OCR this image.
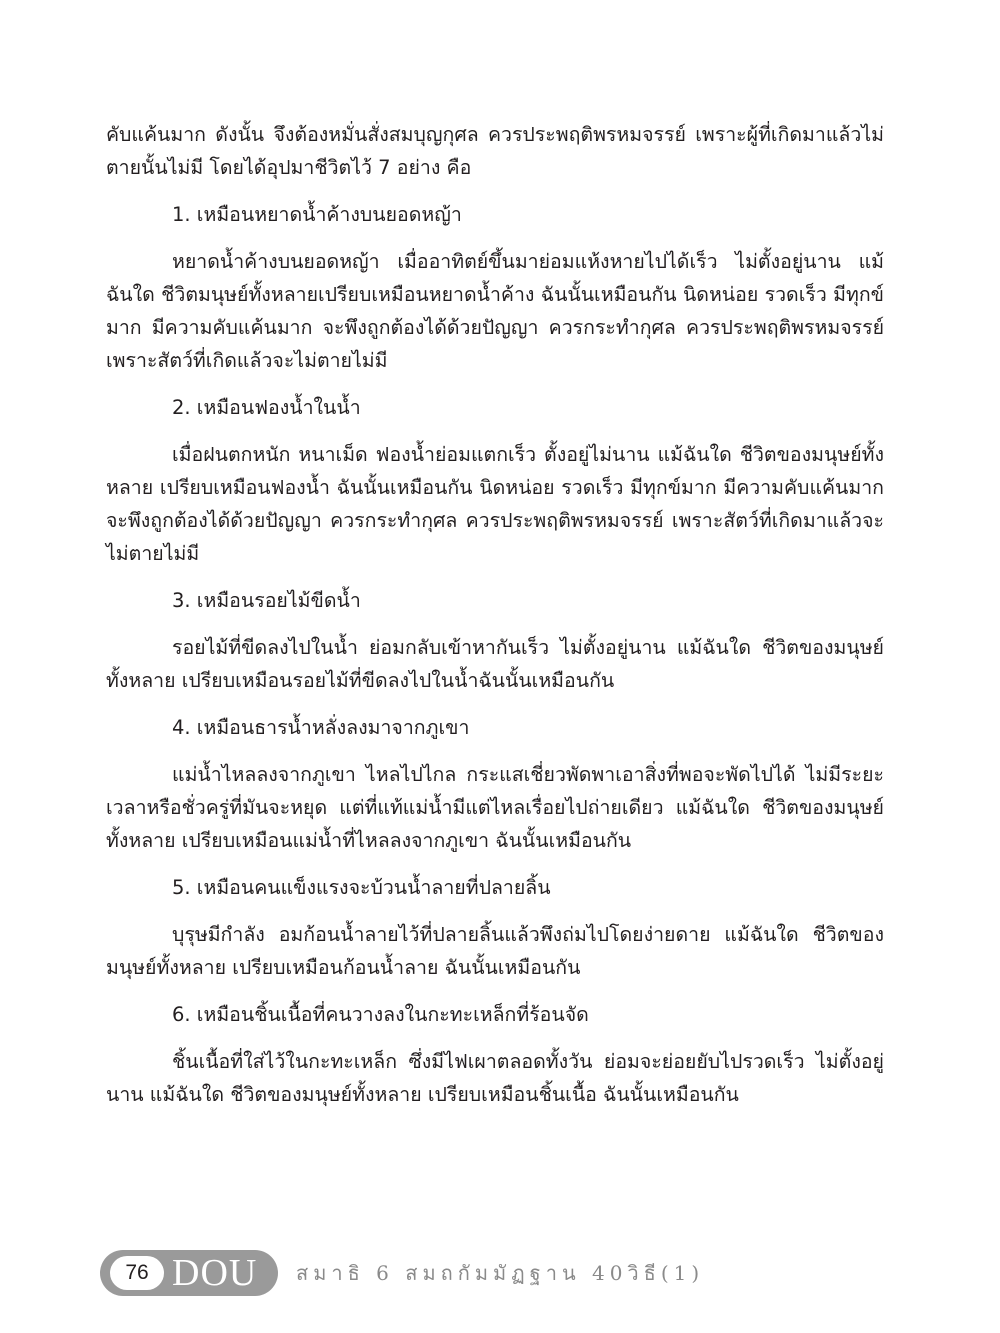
คับแค้นมาก ดังนั้น จึงต้องหมั่นสั่งสมบุญกุศล ควรประพฤติพรหมจรรย์ เพราะผู้ที่เกิดมาแล้วไม่ตายนั้นไม่มี โดยได้อุปมาชีวิตไว้ 7 อย่าง คือ

1. เหมือนหยาดน้ำค้างบนยอดหญ้า

หยาดน้ำค้างบนยอดหญ้า เมื่ออาทิตย์ขึ้นมาย่อมแห้งหายไปได้เร็ว ไม่ตั้งอยู่นาน แม้ฉันใด ชีวิตมนุษย์ทั้งหลายเปรียบเหมือนหยาดน้ำค้าง ฉันนั้นเหมือนกัน นิดหน่อย รวดเร็ว มีทุกข์มาก มีความคับแค้นมาก จะพึงถูกต้องได้ด้วยปัญญา ควรกระทำกุศล ควรประพฤติพรหมจรรย์ เพราะสัตว์ที่เกิดแล้วจะไม่ตายไม่มี

2. เหมือนฟองน้ำในน้ำ

เมื่อฝนตกหนัก หนาเม็ด ฟองน้ำย่อมแตกเร็ว ตั้งอยู่ไม่นาน แม้ฉันใด ชีวิตของมนุษย์ทั้งหลาย เปรียบเหมือนฟองน้ำ ฉันนั้นเหมือนกัน นิดหน่อย รวดเร็ว มีทุกข์มาก มีความคับแค้นมาก จะพึงถูกต้องได้ด้วยปัญญา ควรกระทำกุศล ควรประพฤติพรหมจรรย์ เพราะสัตว์ที่เกิดมาแล้วจะไม่ตายไม่มี

3. เหมือนรอยไม้ขีดน้ำ

รอยไม้ที่ขีดลงไปในน้ำ ย่อมกลับเข้าหากันเร็ว ไม่ตั้งอยู่นาน แม้ฉันใด ชีวิตของมนุษย์ทั้งหลาย เปรียบเหมือนรอยไม้ที่ขีดลงไปในน้ำฉันนั้นเหมือนกัน

4. เหมือนธารน้ำหลั่งลงมาจากภูเขา

แม่น้ำไหลลงจากภูเขา ไหลไปไกล กระแสเชี่ยวพัดพาเอาสิ่งที่พอจะพัดไปได้ ไม่มีระยะเวลาหรือชั่วครู่ที่มันจะหยุด แต่ที่แท้แม่น้ำมีแต่ไหลเรื่อยไปถ่ายเดียว แม้ฉันใด ชีวิตของมนุษย์ทั้งหลาย เปรียบเหมือนแม่น้ำที่ไหลลงจากภูเขา ฉันนั้นเหมือนกัน

5. เหมือนคนแข็งแรงจะบ้วนน้ำลายที่ปลายลิ้น

บุรุษมีกำลัง อมก้อนน้ำลายไว้ที่ปลายลิ้นแล้วพึงถ่มไปโดยง่ายดาย แม้ฉันใด ชีวิตของมนุษย์ทั้งหลาย เปรียบเหมือนก้อนน้ำลาย ฉันนั้นเหมือนกัน

6. เหมือนชิ้นเนื้อที่คนวางลงในกะทะเหล็กที่ร้อนจัด

ชิ้นเนื้อที่ใส่ไว้ในกะทะเหล็ก ซึ่งมีไฟเผาตลอดทั้งวัน ย่อมจะย่อยยับไปรวดเร็ว ไม่ตั้งอยู่นาน แม้ฉันใด ชีวิตของมนุษย์ทั้งหลาย เปรียบเหมือนชิ้นเนื้อ ฉันนั้นเหมือนกัน

76 DOU สมาธิ 6 สมถกัมมัฏฐาน 40วิธี(1)
